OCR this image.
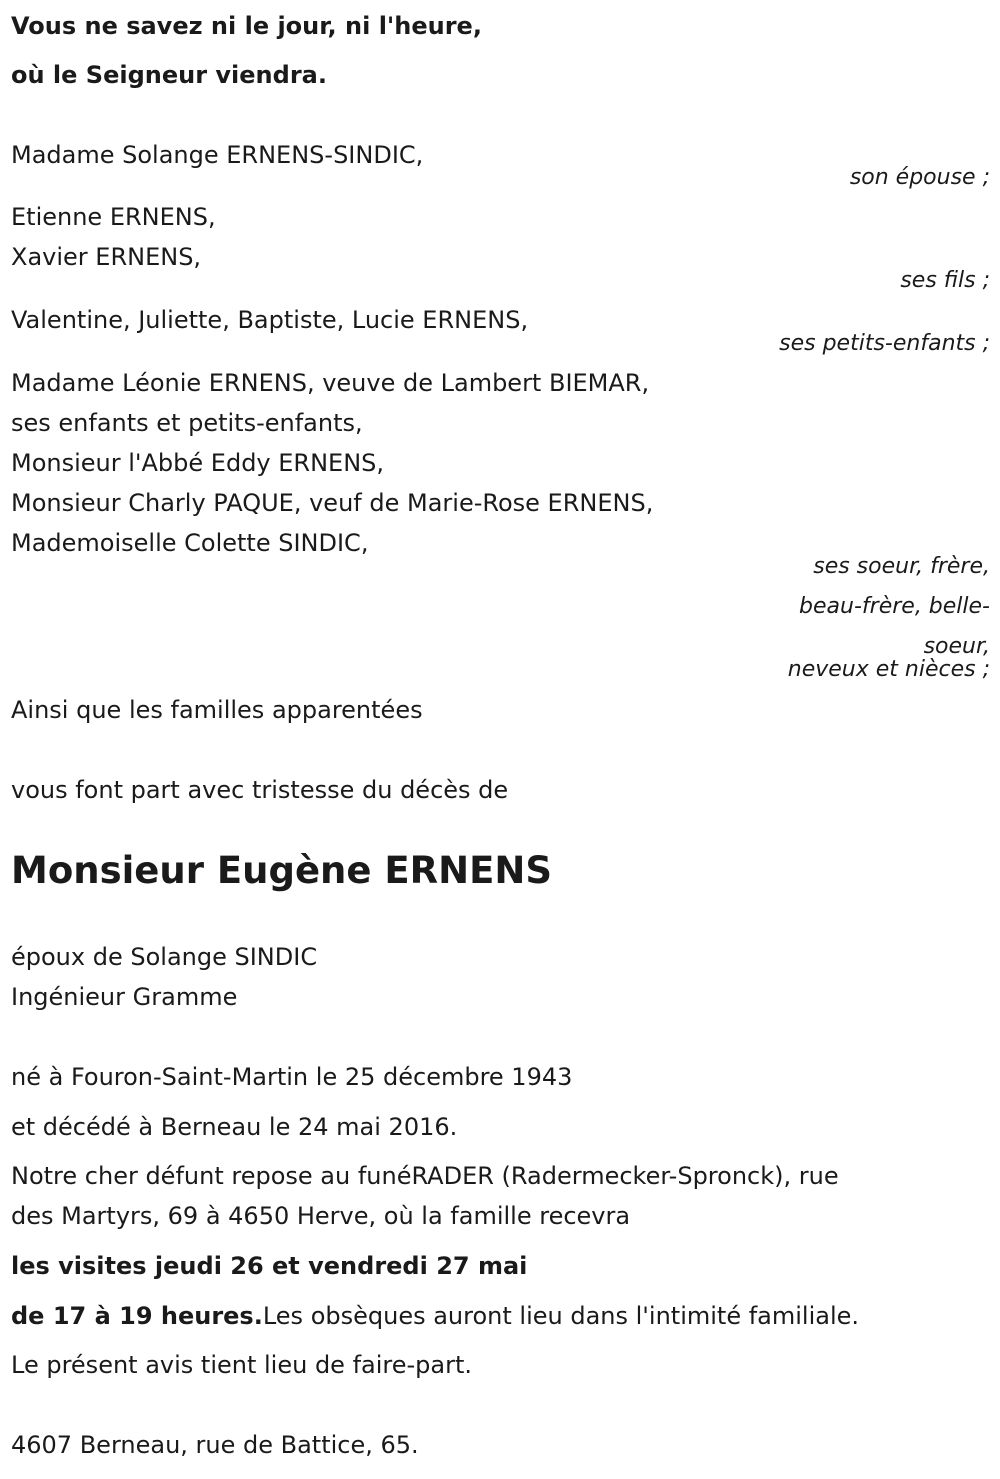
Vous ne savez ni le jour, ni l'heure,

où le Seigneur viendra.

Madame Solange ERNENS-SINDIC,

son épouse ;

Etienne ERNENS,

Xavier ERNENS,

ses fils ;

Valentine, Juliette, Baptiste, Lucie ERNENS,

ses petits-enfants ;

Madame Léonie ERNENS, veuve de Lambert BIEMAR,

ses enfants et petits-enfants,

Monsieur l'Abbé Eddy ERNENS,

Monsieur Charly PAQUE, veuf de Marie-Rose ERNENS,

Mademoiselle Colette SINDIC,

ses soeur, frère,

beau-frère, belle-

soeur,

neveux et nièces ;

Ainsi que les familles apparentées

vous font part avec tristesse du décès de

Monsieur Eugène ERNENS

époux de Solange SINDIC

Ingénieur Gramme

né à Fouron-Saint-Martin le 25 décembre 1943

et décédé à Berneau le 24 mai 2016.

Notre cher défunt repose au funéRADER (Radermecker-Spronck), rue

des Martyrs, 69 à 4650 Herve, où la famille recevra

les visites jeudi 26 et vendredi 27 mai

de 17 à 19 heures.Les obsèques auront lieu dans l'intimité familiale.

Le présent avis tient lieu de faire-part.

4607 Berneau, rue de Battice, 65.
